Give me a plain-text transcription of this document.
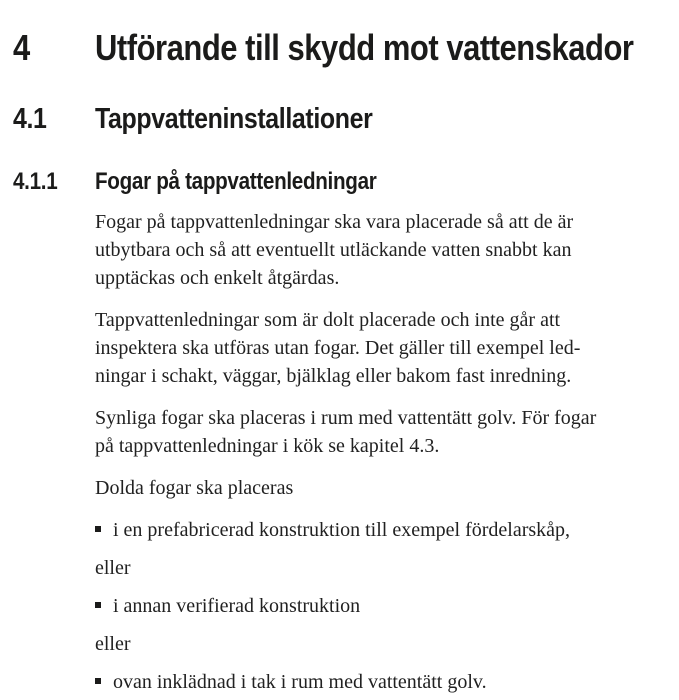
4	Utförande till skydd mot vattenskador
4.1	Tappvatteninstallationer
4.1.1	Fogar på tappvattenledningar

Fogar på tappvattenledningar ska vara placerade så att de är
utbytbara och så att eventuellt utläckande vatten snabbt kan
upptäckas och enkelt åtgärdas.

Tappvattenledningar som är dolt placerade och inte går att
inspektera ska utföras utan fogar. Det gäller till exempel led-
ningar i schakt, väggar, bjälklag eller bakom fast inredning.

Synliga fogar ska placeras i rum med vattentätt golv. För fogar
på tappvattenledningar i kök se kapitel 4.3.

Dolda fogar ska placeras

i en prefabricerad konstruktion till exempel fördelarskåp,

eller

i annan verifierad konstruktion

eller

ovan inklädnad i tak i rum med vattentätt golv.
